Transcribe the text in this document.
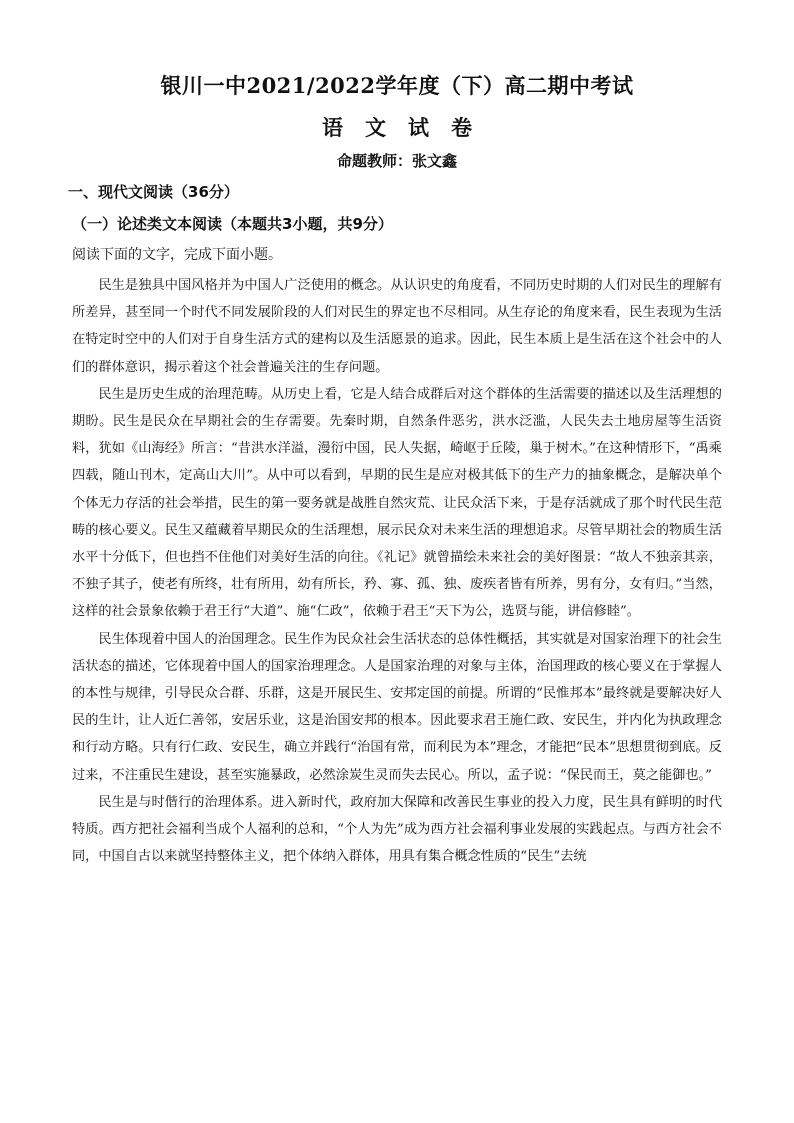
银川一中2021/2022学年度（下）高二期中考试
语 文 试 卷
命题教师：张文鑫
一、现代文阅读（36分）
（一）论述类文本阅读（本题共3小题，共9分）
阅读下面的文字，完成下面小题。

民生是独具中国风格并为中国人广泛使用的概念。从认识史的角度看，不同历史时期的人们对民生的理解有所差异，甚至同一个时代不同发展阶段的人们对民生的界定也不尽相同。从生存论的角度来看，民生表现为生活在特定时空中的人们对于自身生活方式的建构以及生活愿景的追求。因此，民生本质上是生活在这个社会中的人们的群体意识，揭示着这个社会普遍关注的生存问题。

民生是历史生成的治理范畴。从历史上看，它是人结合成群后对这个群体的生活需要的描述以及生活理想的期盼。民生是民众在早期社会的生存需要。先秦时期，自然条件恶劣，洪水泛滥，人民失去土地房屋等生活资料，犹如《山海经》所言：“昔洪水洋溢，漫衍中国，民人失据，崎岖于丘陵，巢于树木。”在这种情形下，“禹乘四载，随山刊木，定高山大川”。从中可以看到，早期的民生是应对极其低下的生产力的抽象概念，是解决单个个体无力存活的社会举措，民生的第一要务就是战胜自然灾荒、让民众活下来，于是存活就成了那个时代民生范畴的核心要义。民生又蕴藏着早期民众的生活理想，展示民众对未来生活的理想追求。尽管早期社会的物质生活水平十分低下，但也挡不住他们对美好生活的向往。《礼记》就曾描绘未来社会的美好图景：“故人不独亲其亲，不独子其子，使老有所终，壮有所用，幼有所长，矜、寡、孤、独、废疾者皆有所养，男有分，女有归。”当然，这样的社会景象依赖于君王行“大道”、施“仁政”，依赖于君王“天下为公，选贤与能，讲信修睦”。

民生体现着中国人的治国理念。民生作为民众社会生活状态的总体性概括，其实就是对国家治理下的社会生活状态的描述，它体现着中国人的国家治理理念。人是国家治理的对象与主体，治国理政的核心要义在于掌握人的本性与规律，引导民众合群、乐群，这是开展民生、安邦定国的前提。所谓的“民惟邦本”最终就是要解决好人民的生计，让人近仁善邻，安居乐业，这是治国安邦的根本。因此要求君王施仁政、安民生，并内化为执政理念和行动方略。只有行仁政、安民生，确立并践行“治国有常，而利民为本”理念，才能把“民本”思想贯彻到底。反过来，不注重民生建设，甚至实施暴政，必然涂炭生灵而失去民心。所以，孟子说：“保民而王，莫之能御也。”

民生是与时偕行的治理体系。进入新时代，政府加大保障和改善民生事业的投入力度，民生具有鲜明的时代特质。西方把社会福利当成个人福利的总和，“个人为先”成为西方社会福利事业发展的实践起点。与西方社会不同，中国自古以来就坚持整体主义，把个体纳入群体，用具有集合概念性质的“民生”去统
